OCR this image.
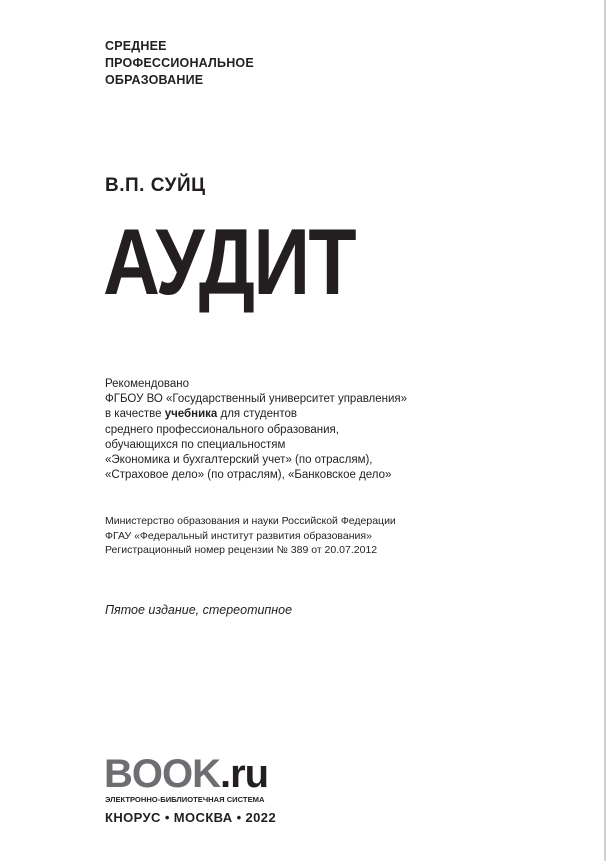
СРЕДНЕЕ
ПРОФЕССИОНАЛЬНОЕ
ОБРАЗОВАНИЕ
В.П. СУЙЦ
АУДИТ
Рекомендовано
ФГБОУ ВО «Государственный университет управления»
в качестве учебника для студентов
среднего профессионального образования,
обучающихся по специальностям
«Экономика и бухгалтерский учет» (по отраслям),
«Страховое дело» (по отраслям), «Банковское дело»
Министерство образования и науки Российской Федерации
ФГАУ «Федеральный институт развития образования»
Регистрационный номер рецензии № 389 от 20.07.2012
Пятое издание, стереотипное
BOOK.ru
ЭЛЕКТРОННО-БИБЛИОТЕЧНАЯ СИСТЕМА
КНОРУС • МОСКВА • 2022
